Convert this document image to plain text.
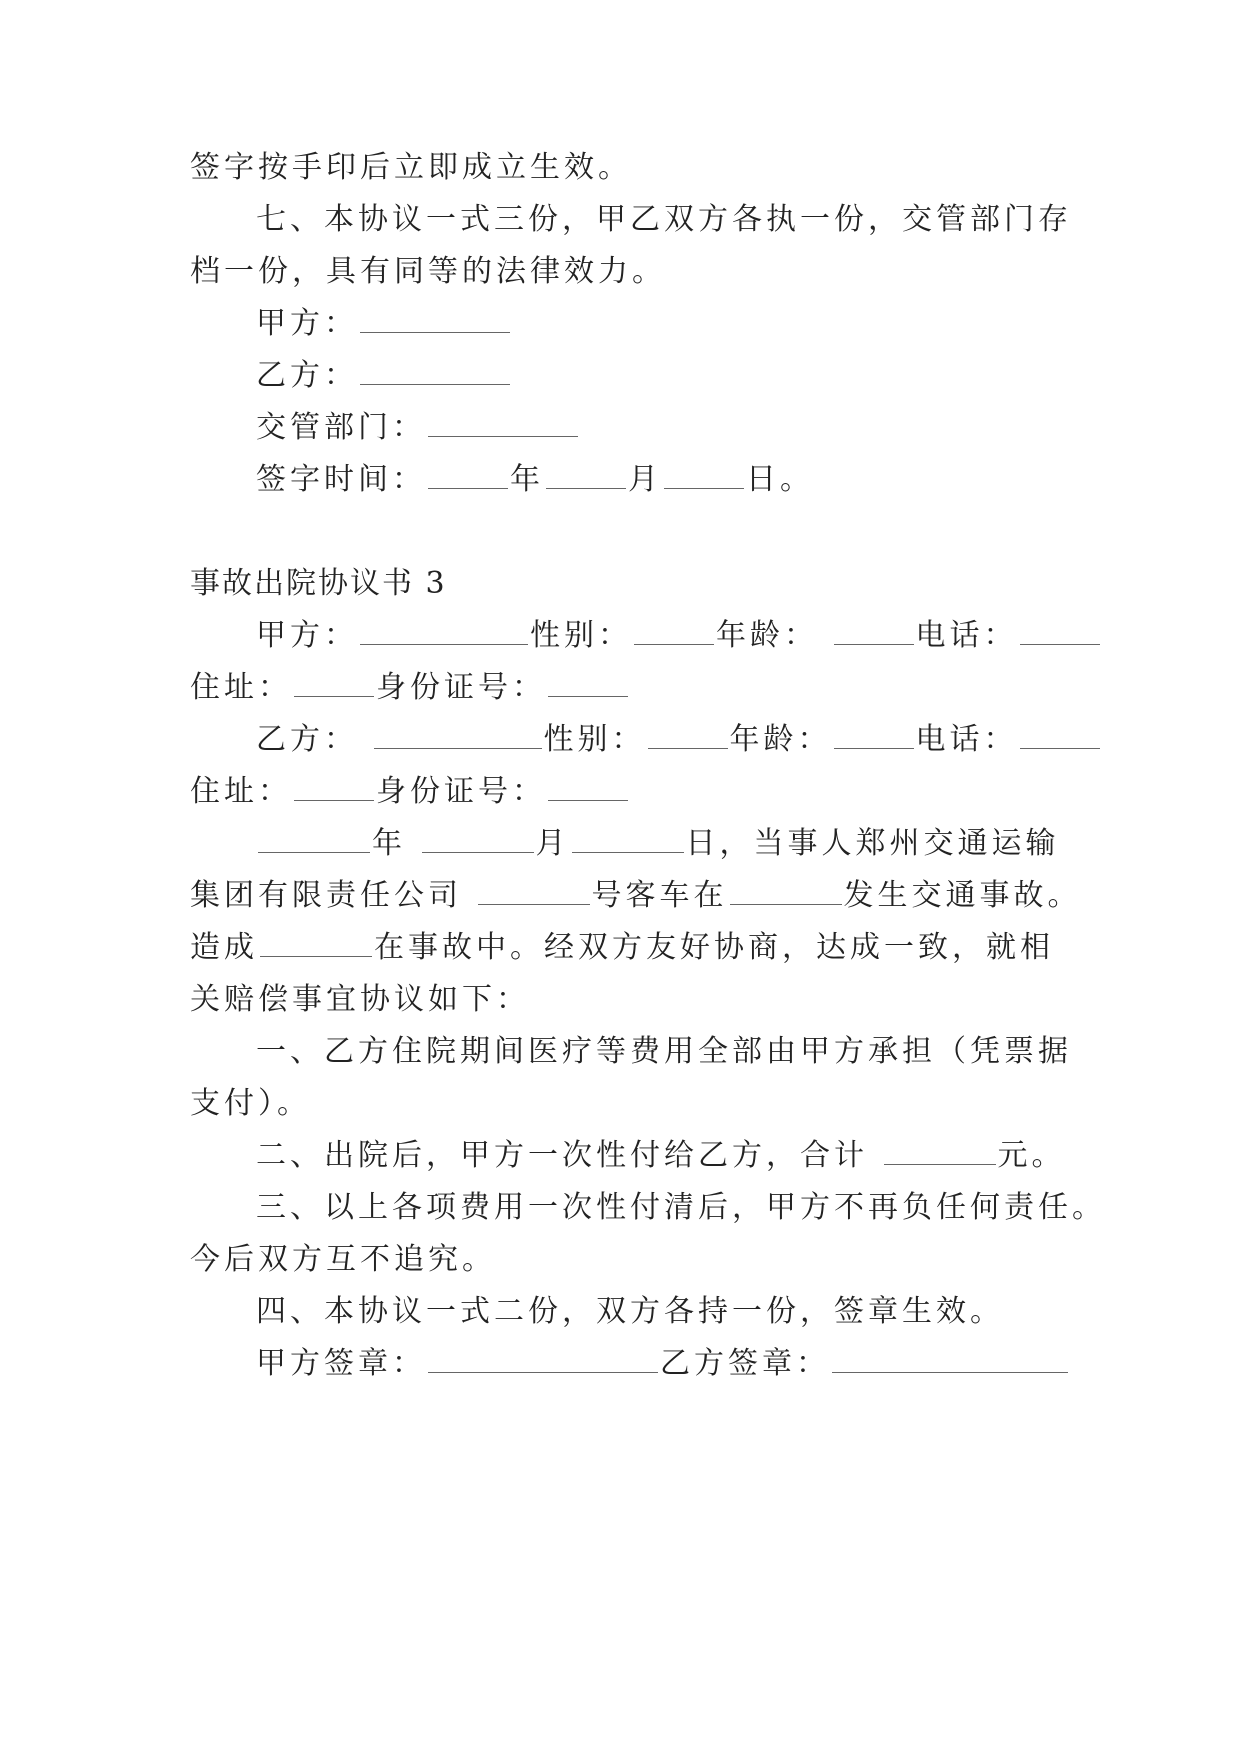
签字按手印后立即成立生效。

七、本协议一式三份，甲乙双方各执一份，交管部门存

档一份，具有同等的法律效力。

甲方：

乙方：

交管部门：

签字时间：	年	月	日。

事故出院协议书 3

甲方：	性别：	年龄：	电话：

住址：	身份证号：

乙方：	性别：	年龄：	电话：

住址：	身份证号：

年	月	日，当事人郑州交通运输

集团有限责任公司	号客车在	发生交通事故。

造成	在事故中。经双方友好协商，达成一致，就相

关赔偿事宜协议如下：

一、乙方住院期间医疗等费用全部由甲方承担（凭票据

支付）。

二、出院后，甲方一次性付给乙方，合计	元。

三、以上各项费用一次性付清后，甲方不再负任何责任。

今后双方互不追究。

四、本协议一式二份，双方各持一份，签章生效。

甲方签章：	乙方签章：
